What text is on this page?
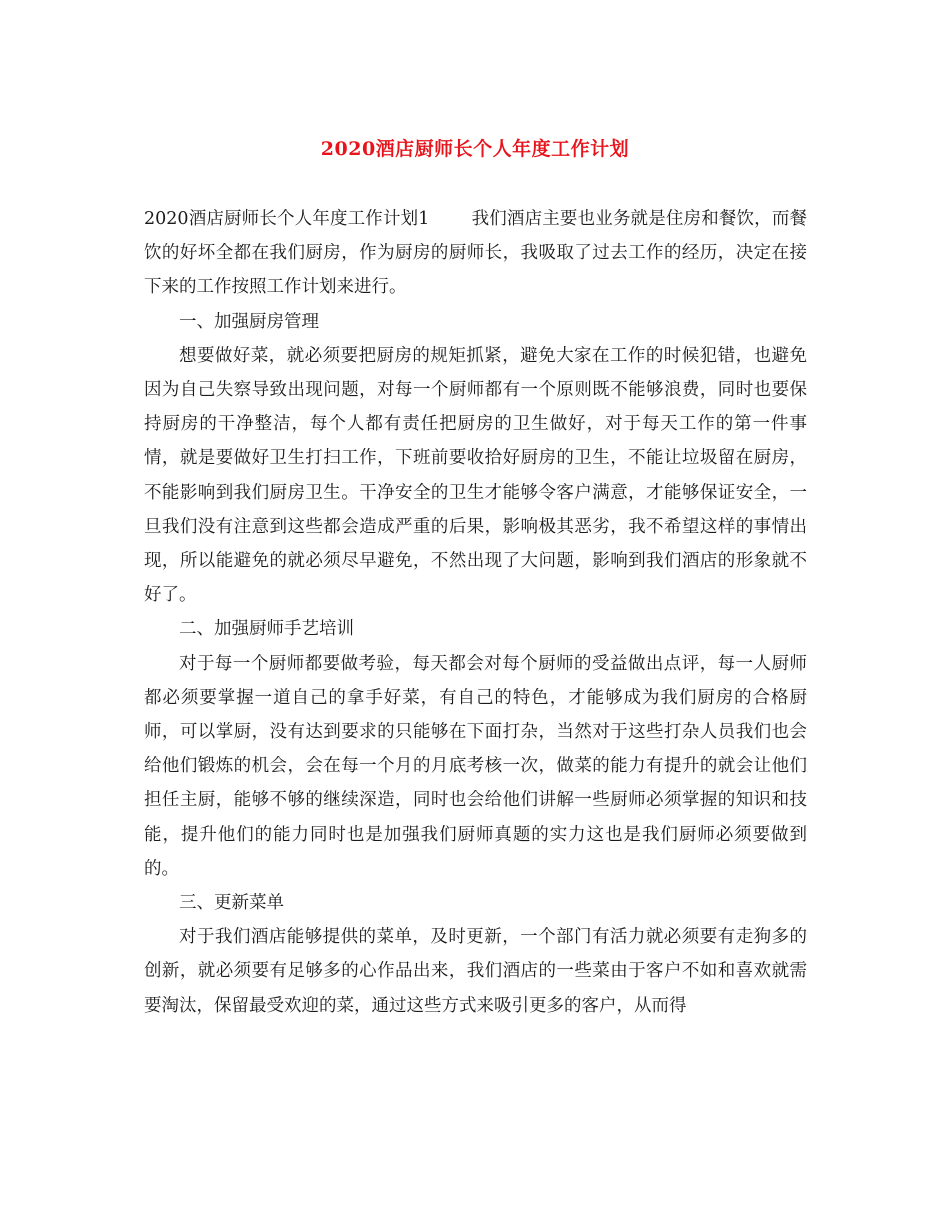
2020酒店厨师长个人年度工作计划

2020酒店厨师长个人年度工作计划1 我们酒店主要也业务就是住房和餐饮，而餐饮的好坏全都在我们厨房，作为厨房的厨师长，我吸取了过去工作的经历，决定在接下来的工作按照工作计划来进行。

一、加强厨房管理

想要做好菜，就必须要把厨房的规矩抓紧，避免大家在工作的时候犯错，也避免因为自己失察导致出现问题，对每一个厨师都有一个原则既不能够浪费，同时也要保持厨房的干净整洁，每个人都有责任把厨房的卫生做好，对于每天工作的第一件事情，就是要做好卫生打扫工作，下班前要收拾好厨房的卫生，不能让垃圾留在厨房，不能影响到我们厨房卫生。干净安全的卫生才能够令客户满意，才能够保证安全，一旦我们没有注意到这些都会造成严重的后果，影响极其恶劣，我不希望这样的事情出现，所以能避免的就必须尽早避免，不然出现了大问题，影响到我们酒店的形象就不好了。

二、加强厨师手艺培训

对于每一个厨师都要做考验，每天都会对每个厨师的受益做出点评，每一人厨师都必须要掌握一道自己的拿手好菜，有自己的特色，才能够成为我们厨房的合格厨师，可以掌厨，没有达到要求的只能够在下面打杂，当然对于这些打杂人员我们也会给他们锻炼的机会，会在每一个月的月底考核一次，做菜的能力有提升的就会让他们担任主厨，能够不够的继续深造，同时也会给他们讲解一些厨师必须掌握的知识和技能，提升他们的能力同时也是加强我们厨师真题的实力这也是我们厨师必须要做到的。

三、更新菜单

对于我们酒店能够提供的菜单，及时更新，一个部门有活力就必须要有走狗多的创新，就必须要有足够多的心作品出来，我们酒店的一些菜由于客户不如和喜欢就需要淘汰，保留最受欢迎的菜，通过这些方式来吸引更多的客户，从而得
